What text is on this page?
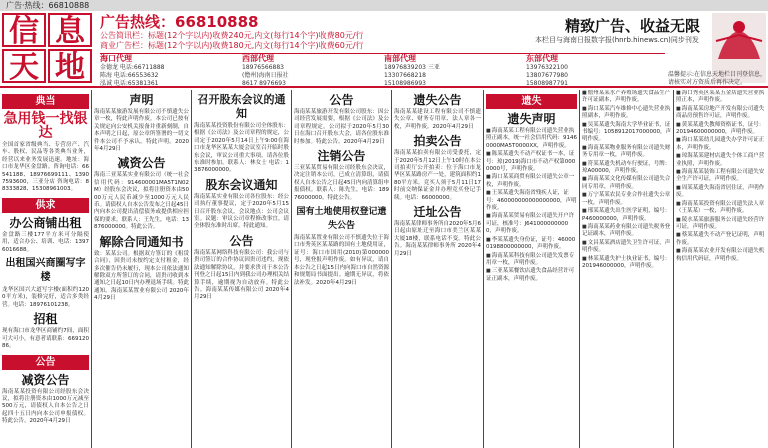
广告·热线：66810888
信 息
天 地
广告热线：66810888
公告简讯栏：标题(12个字以内)收费240元,内文(每行14个字)收费80元/行
商业广告栏：标题(12个字以内)收费180元,内文(每行14个字)收费60元/行
精致广告、收益无限
本栏目与海南日报数字报(hnrb.hinews.cn)同步刊发
海口代理
金德龙 电话:66711888
陈海 电话:66553632
泓诚 电话:65381361
西部代理
18976566883
(儋州)海南日报社
8617 8976693
南部代理
18976839203 三亚
13307668218
15108986993
东部代理
13976322100
13807677980
15808987791
温馨提示:在信息天地栏目刊登信息，请核实对方资质后再作决定。
典当
急用钱一找银达
全国首家省级典当、专营房产、汽车、股权、民品等各类典当业务，经营以来业务发展迅速。地址：海口市龙华区金盘路。咨询电话：66541188、18976699111、13907593600，三亚分店 咨询电话：88333828、15308961003。
供求
办公商铺出租
金盘路三楼177平方米可分隔使用，适合办公、培训、电话：13976016688。
出租国兴商圈写字楼
龙华区国兴大道写字楼(面积约1200平方米)，装修完好，适合多类经营。电话：18976101238。
招租
现有海口市龙华区商铺约7间，面积可大可小，有意者请联系：66912086。
公告
减资公告
海南某某投资有限公司经股东会决议，拟将注册资本由1000万元减至500万元，请债权人自本公告之日起四十五日内向本公司申报债权。特此公告。2020年4月29日
声明
海南某某旅游发展有限公司不慎遗失公章一枚，特此声明作废。本公司已按有关规定向公安机关报备并重新刻制，自本声明之日起，原公章所签署的一切文件本公司不予承认。特此声明。2020年4月29日
减资公告
海南三亚某某实业有限公司（统一社会信用代码：914600001MA5T1N02M）经股东会决议，拟将注册资本由5000万元人民币减少至1000万元人民币。请债权人自本公告发布之日起45日内向本公司提出清偿债务或提供相应担保的要求。联系人：王先生，电话：13876000000。特此公告。
解除合同通知书
致：某某公司。根据双方签订的《租赁合同》，因贵司未按约定支付租金，经多次催告仍未履行，现本公司依法通知解除双方所签订的合同，请贵司收到本通知之日起10日内办理退场手续。特此通知。海南某某置业有限公司 2020年4月29日
召开股东会议的通知
海南某某投资股份有限公司全体股东：根据《公司法》及公司章程的规定，公司定于2020年5月14日上午9:00在海口市龙华区某某大厦会议室召开临时股东会议，审议公司重大事项，请各位股东准时参加。联系人：林女士 电话：13876000000。
股东会议通知
海南某某实业有限公司各位股东：经公司执行董事提议，定于2020年5月15日召开股东会议，会议地点：公司会议室。议题：审议公司章程修改事宜。请全体股东准时出席。特此通知。
公告
海南某某网络科技有限公司：我公司与贵司签订的合作协议因贵司违约，现依法通知解除协议，并要求贵司于本公告刊登之日起15日内到我公司办理相关结算手续，逾期视为自动放弃。特此公告。海南某某传媒有限公司 2020年4月29日
公告
海南某某旅游开发有限公司股东：因公司经营发展需要，根据《公司法》及公司章程规定，公司拟于2020年5月30日在海口召开股东大会，请各位股东准时参加。特此公告。2020年4月29日
注销公告
三亚某某贸易有限公司经股东会决议，决定注销本公司，已成立清算组，请债权人自本公告之日起45日内向清算组申报债权。联系人：陈先生，电话：18976000000。特此公告。
国有土地使用权登记遗失公告
海南某某置业有限公司不慎遗失位于海口市秀英区某某路的国有土地使用证，证号：海口市国用(2010)第000000号，现登报声明作废。如有异议，请自本公告之日起15日内向海口市自然资源和规划局书面提出。逾期无异议，将依法补发。2020年4月29日
遗失公告
海南某某建设工程有限公司不慎遗失公章、财务专用章、法人章各一枚，声明作废。2020年4月29日
拍卖公告
海南某某拍卖有限公司受委托，定于2020年5月12日上午10时在本公司拍卖厅公开拍卖：位于海口市龙华区某某路房产一处，建筑面积约180平方米。竞买人须于5月11日17时前交纳保证金并办理竞买登记手续。电话：66000000。
迁址公告
海南某某律师事务所自2020年5月6日起由原址迁至海口市美兰区某某大厦18楼，联系电话不变。特此公告。海南某某律师事务所 2020年4月29日
遗失
遗失声明
■ 海南某某工程有限公司遗失营业执照正副本，统一社会信用代码：91460000MA5T0000XX，声明作废。
■ 陈某某遗失不动产权证书一本，证号：琼(2019)海口市不动产权第0000000号，声明作废。
■ 海口某某商贸有限公司遗失公章一枚，声明作废。
■ 王某某遗失海南省残疾人证，证号：460000000000000000，声明作废。
■ 海南某某贸易有限公司遗失开户许可证，核准号：J6410000000000，声明作废。
■ 李某某遗失身份证，证号：460000198800000000，声明作废。
■ 海南某某科技有限公司遗失发票专用章一枚，声明作废。
■ 三亚某某餐饮店遗失食品经营许可证正副本，声明作废。
■ 儋州某某水产养殖场遗失食品生产许可证副本，声明作废。
■ 海口某某汽车维修中心遗失营业执照副本，声明作废。
■ 吴某某遗失海南大学毕业证书，证书编号：1058912017000000，声明作废。
■ 海南某某物业服务有限公司遗失财务专用章一枚，声明作废。
■ 符某某遗失机动车行驶证，号牌：琼A00000，声明作废。
■ 海南某某文化传媒有限公司遗失合同专用章，声明作废。
■ 万宁某某农民专业合作社遗失公章一枚，声明作废。
■ 邢某某遗失出生医学证明，编号：P460000000，声明作废。
■ 海南某某药业有限公司遗失税务登记证副本，声明作废。
■ 文昌某某酒店遗失卫生许可证，声明作废。
■ 林某某遗失护士执业证书，编号：201946000000，声明作废。
■ 海口秀英区某某五金店遗失营业执照正本，声明作废。
■ 海南某某房地产开发有限公司遗失商品房预售许可证，声明作废。
■ 黄某某遗失教师资格证书，证号：20194600000000，声明作废。
■ 海口某某幼儿园遗失办学许可证正本，声明作废。
■ 琼海某某建材店遗失个体工商户营业执照，声明作废。
■ 海南某某装饰工程有限公司遗失安全生产许可证，声明作废。
■ 周某某遗失海南省居住证，声明作废。
■ 海南某某投资有限公司遗失法人章（王某某）一枚，声明作废。
■ 陵水某某旅游服务公司遗失经营许可证，声明作废。
■ 蔡某某遗失不动产登记证明，声明作废。
■ 海南某某农业开发有限公司遗失机构信用代码证，声明作废。
